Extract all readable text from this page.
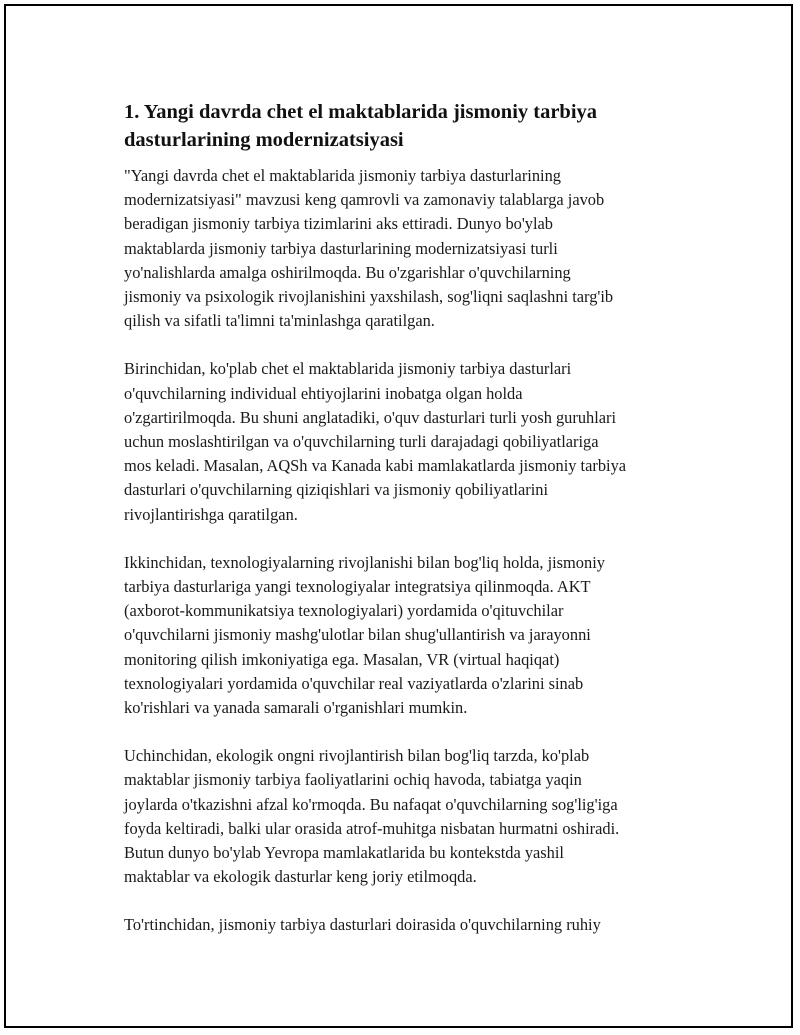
1. Yangi davrda chet el maktablarida jismoniy tarbiya
dasturlarining modernizatsiyasi

"Yangi davrda chet el maktablarida jismoniy tarbiya dasturlarining
modernizatsiyasi" mavzusi keng qamrovli va zamonaviy talablarga javob
beradigan jismoniy tarbiya tizimlarini aks ettiradi. Dunyo bo'ylab
maktablarda jismoniy tarbiya dasturlarining modernizatsiyasi turli
yo'nalishlarda amalga oshirilmoqda. Bu o'zgarishlar o'quvchilarning
jismoniy va psixologik rivojlanishini yaxshilash, sog'liqni saqlashni targ'ib
qilish va sifatli ta'limni ta'minlashga qaratilgan.

Birinchidan, ko'plab chet el maktablarida jismoniy tarbiya dasturlari
o'quvchilarning individual ehtiyojlarini inobatga olgan holda
o'zgartirilmoqda. Bu shuni anglatadiki, o'quv dasturlari turli yosh guruhlari
uchun moslashtirilgan va o'quvchilarning turli darajadagi qobiliyatlariga
mos keladi. Masalan, AQSh va Kanada kabi mamlakatlarda jismoniy tarbiya
dasturlari o'quvchilarning qiziqishlari va jismoniy qobiliyatlarini
rivojlantirishga qaratilgan.

Ikkinchidan, texnologiyalarning rivojlanishi bilan bog'liq holda, jismoniy
tarbiya dasturlariga yangi texnologiyalar integratsiya qilinmoqda. AKT
(axborot-kommunikatsiya texnologiyalari) yordamida o'qituvchilar
o'quvchilarni jismoniy mashg'ulotlar bilan shug'ullantirish va jarayonni
monitoring qilish imkoniyatiga ega. Masalan, VR (virtual haqiqat)
texnologiyalari yordamida o'quvchilar real vaziyatlarda o'zlarini sinab
ko'rishlari va yanada samarali o'rganishlari mumkin.

Uchinchidan, ekologik ongni rivojlantirish bilan bog'liq tarzda, ko'plab
maktablar jismoniy tarbiya faoliyatlarini ochiq havoda, tabiatga yaqin
joylarda o'tkazishni afzal ko'rmoqda. Bu nafaqat o'quvchilarning sog'lig'iga
foyda keltiradi, balki ular orasida atrof-muhitga nisbatan hurmatni oshiradi.
Butun dunyo bo'ylab Yevropa mamlakatlarida bu kontekstda yashil
maktablar va ekologik dasturlar keng joriy etilmoqda.

To'rtinchidan, jismoniy tarbiya dasturlari doirasida o'quvchilarning ruhiy
